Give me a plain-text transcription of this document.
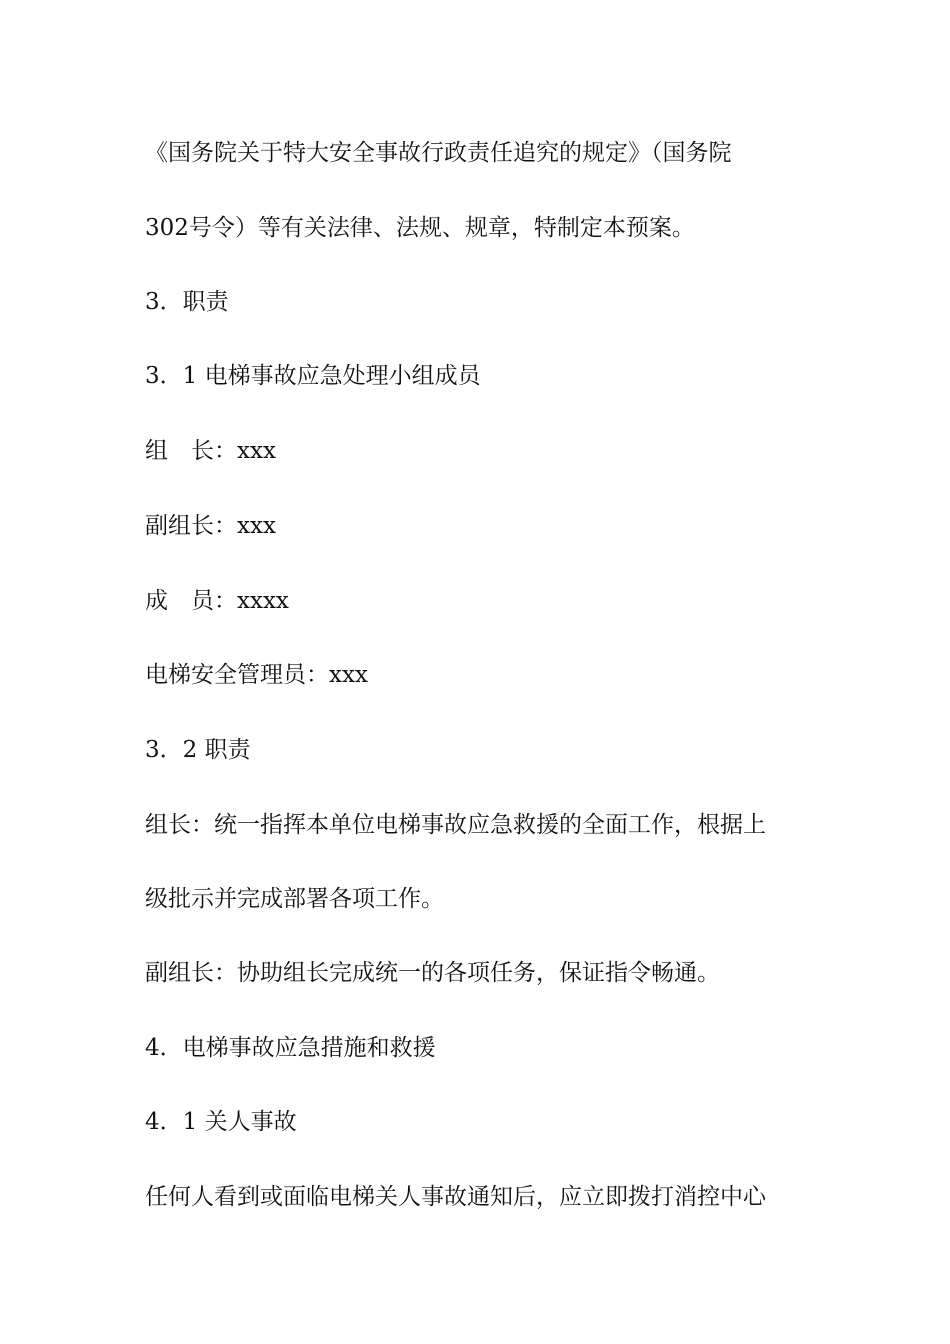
《国务院关于特大安全事故行政责任追究的规定》（国务院
302号令）等有关法律、法规、规章，特制定本预案。
3．职责
3．1 电梯事故应急处理小组成员
组　长：xxx
副组长：xxx
成　员：xxxx
电梯安全管理员：xxx
3．2 职责
组长：统一指挥本单位电梯事故应急救援的全面工作，根据上
级批示并完成部署各项工作。
副组长：协助组长完成统一的各项任务，保证指令畅通。
4．电梯事故应急措施和救援
4．1 关人事故
任何人看到或面临电梯关人事故通知后，应立即拨打消控中心
